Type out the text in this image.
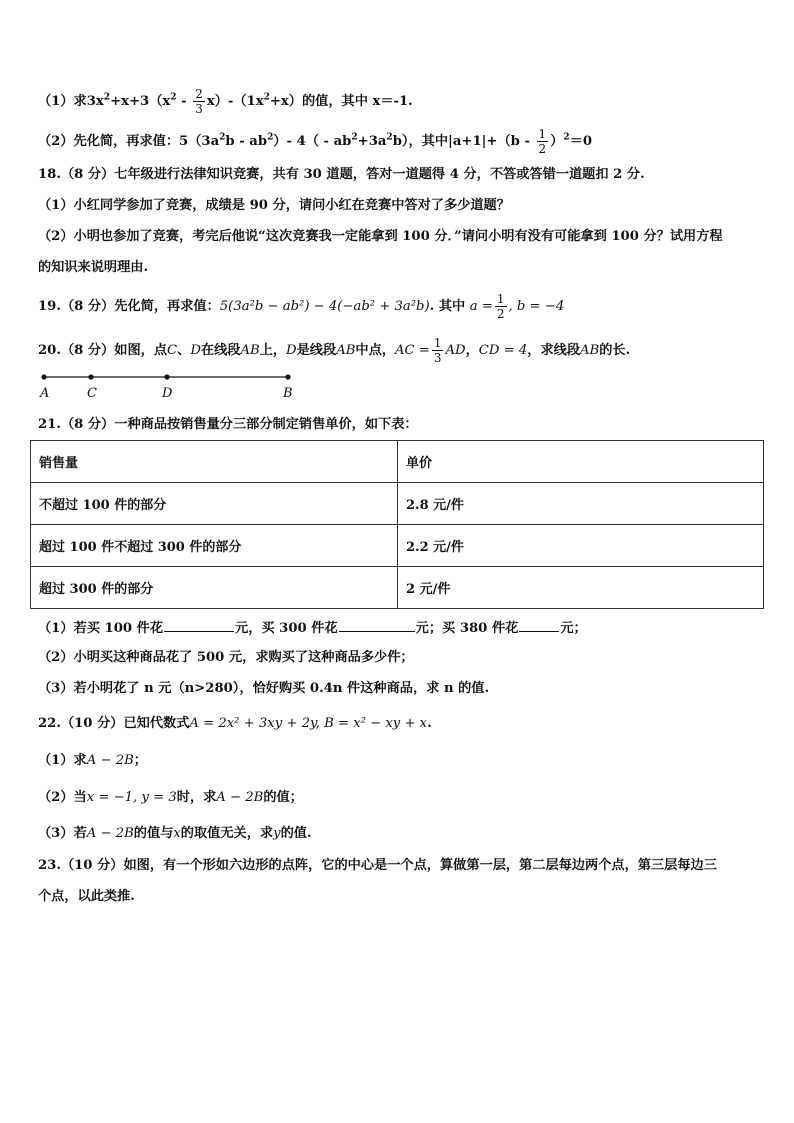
（1）求$3x^2+x+3(x^2 - \frac{2}{3} x)-(1x^2+x)$的值，其中 x＝-1.
（2）先化简，再求值：$5(3a^2b - ab^2)-$ $4( - ab^2+3a^2b)$，其中$|a+1|+(b - \frac{1}{2} )^2=0$
18.（8 分）七年级进行法律知识竞赛，共有 30 道题，答对一道题得 4 分，不答或答错一道题扣 2 分.
（1）小红同学参加了竞赛，成绩是 90 分，请问小红在竞赛中答对了多少道题？
（2）小明也参加了竞赛，考完后他说“这次竞赛我一定能拿到 100 分．”请问小明有没有可能拿到 100 分？试用方程
的知识来说明理由.
19.（8 分）先化简，再求值：5(3a²b − ab²) − 4(−ab² + 3a²b). 其中 $a = \frac{1}{2}$ , b = −4
20.（8 分）如图，点C、D在线段AB上，D是线段AB中点，AC = $\frac{1}{3}$ AD，CD = 4，求线段AB的长.
A	C	D	B
21.（8 分）一种商品按销售量分三部分制定销售单价，如下表：
销售量	单价
不超过 100 件的部分	2.8 元/件
超过 100 件不超过 300 件的部分	2.2 元/件
超过 300 件的部分	2 元/件
（1）若买 100 件花	元，买 300 件花	元；买 380 件花	元；
（2）小明买这种商品花了 500 元，求购买了这种商品多少件；
（3）若小明花了 n 元（n>280），恰好购买 0.4n 件这种商品，求 n 的值.
22.（10 分）已知代数式A = 2x² + 3xy + 2y, B = x² − xy + x.
（1）求A − 2B；
（2）当x = −1, y = 3时，求A − 2B的值；
（3）若A − 2B的值与x的取值无关，求y的值.
23.（10 分）如图，有一个形如六边形的点阵，它的中心是一个点，算做第一层，第二层每边两个点，第三层每边三
个点，以此类推.
